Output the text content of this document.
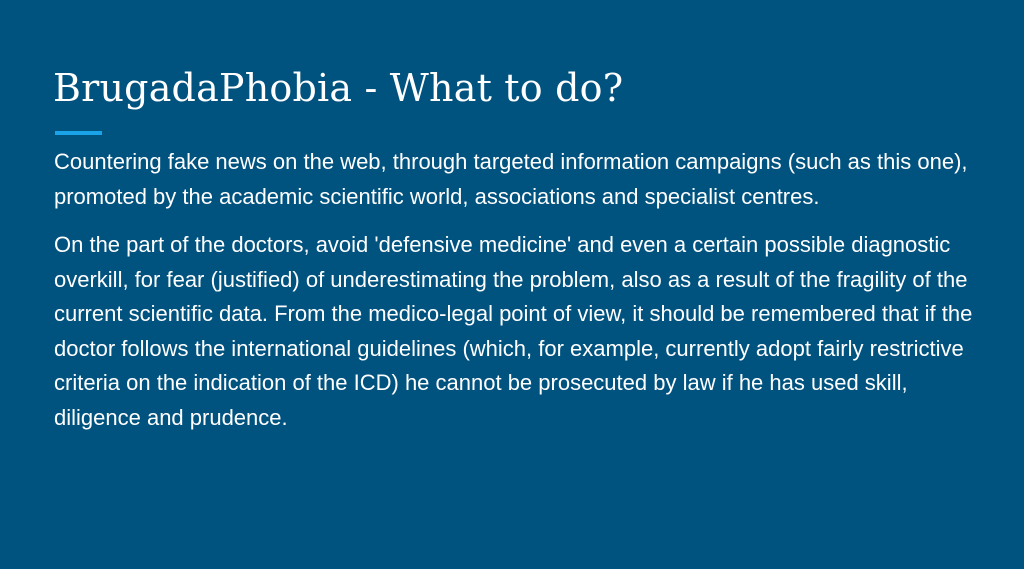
BrugadaPhobia - What to do?

Countering fake news on the web, through targeted information campaigns (such as this one), promoted by the academic scientific world, associations and specialist centres.

On the part of the doctors, avoid 'defensive medicine' and even a certain possible diagnostic overkill, for fear (justified) of underestimating the problem, also as a result of the fragility of the current scientific data. From the medico-legal point of view, it should be remembered that if the doctor follows the international guidelines (which, for example, currently adopt fairly restrictive criteria on the indication of the ICD) he cannot be prosecuted by law if he has used skill, diligence and prudence.
